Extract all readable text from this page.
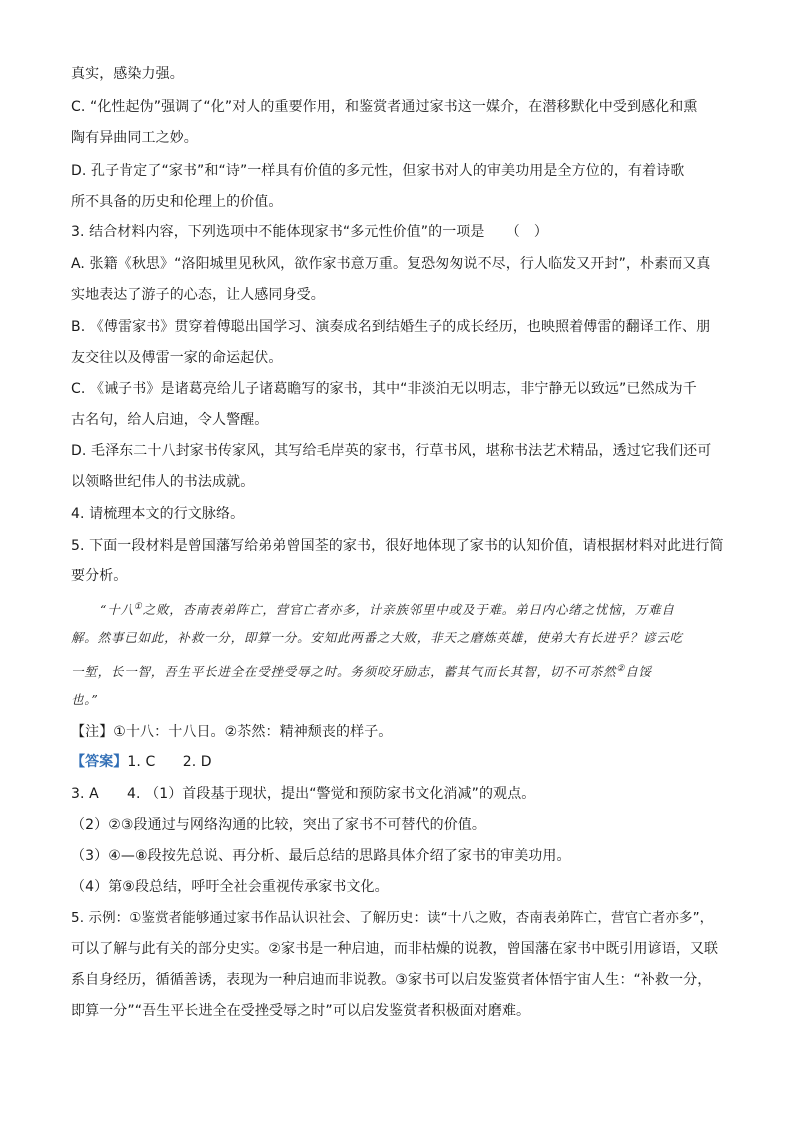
真实，感染力强。
C. “化性起伪”强调了“化”对人的重要作用，和鉴赏者通过家书这一媒介，在潜移默化中受到感化和熏
陶有异曲同工之妙。
D. 孔子肯定了“家书”和“诗”一样具有价值的多元性，但家书对人的审美功用是全方位的，有着诗歌
所不具备的历史和伦理上的价值。
3. 结合材料内容，下列选项中不能体现家书“多元性价值”的一项是　　（　）
A. 张籍《秋思》“洛阳城里见秋风，欲作家书意万重。复恐匆匆说不尽，行人临发又开封”，朴素而又真
实地表达了游子的心态，让人感同身受。
B. 《傅雷家书》贯穿着傅聪出国学习、演奏成名到结婚生子的成长经历，也映照着傅雷的翻译工作、朋
友交往以及傅雷一家的命运起伏。
C. 《诫子书》是诸葛亮给儿子诸葛瞻写的家书，其中“非淡泊无以明志，非宁静无以致远”已然成为千
古名句，给人启迪，令人警醒。
D. 毛泽东二十八封家书传家风，其写给毛岸英的家书，行草书风，堪称书法艺术精品，透过它我们还可
以领略世纪伟人的书法成就。
4. 请梳理本文的行文脉络。
5. 下面一段材料是曾国藩写给弟弟曾国荃的家书，很好地体现了家书的认知价值，请根据材料对此进行简
要分析。
“十八①之败，杏南表弟阵亡，营官亡者亦多，计亲族邻里中或及于难。弟日内心绪之忧恼，万难自
解。然事已如此，补救一分，即算一分。安知此两番之大败，非天之磨炼英雄，使弟大有长进乎？谚云吃
一堑，长一智，吾生平长进全在受挫受辱之时。务须咬牙励志，蓄其气而长其智，切不可苶然②自馁
也。”
【注】①十八：十八日。②苶然：精神颓丧的样子。
【答案】1. C 2. D
3. A　　4. （1）首段基于现状，提出“警觉和预防家书文化消减”的观点。
（2）②③段通过与网络沟通的比较，突出了家书不可替代的价值。
（3）④—⑧段按先总说、再分析、最后总结的思路具体介绍了家书的审美功用。
（4）第⑨段总结，呼吁全社会重视传承家书文化。
5. 示例：①鉴赏者能够通过家书作品认识社会、了解历史：读“十八之败，杏南表弟阵亡，营官亡者亦多”，
可以了解与此有关的部分史实。②家书是一种启迪，而非枯燥的说教，曾国藩在家书中既引用谚语，又联
系自身经历，循循善诱，表现为一种启迪而非说教。③家书可以启发鉴赏者体悟宇宙人生：“补救一分，
即算一分”“吾生平长进全在受挫受辱之时”可以启发鉴赏者积极面对磨难。
